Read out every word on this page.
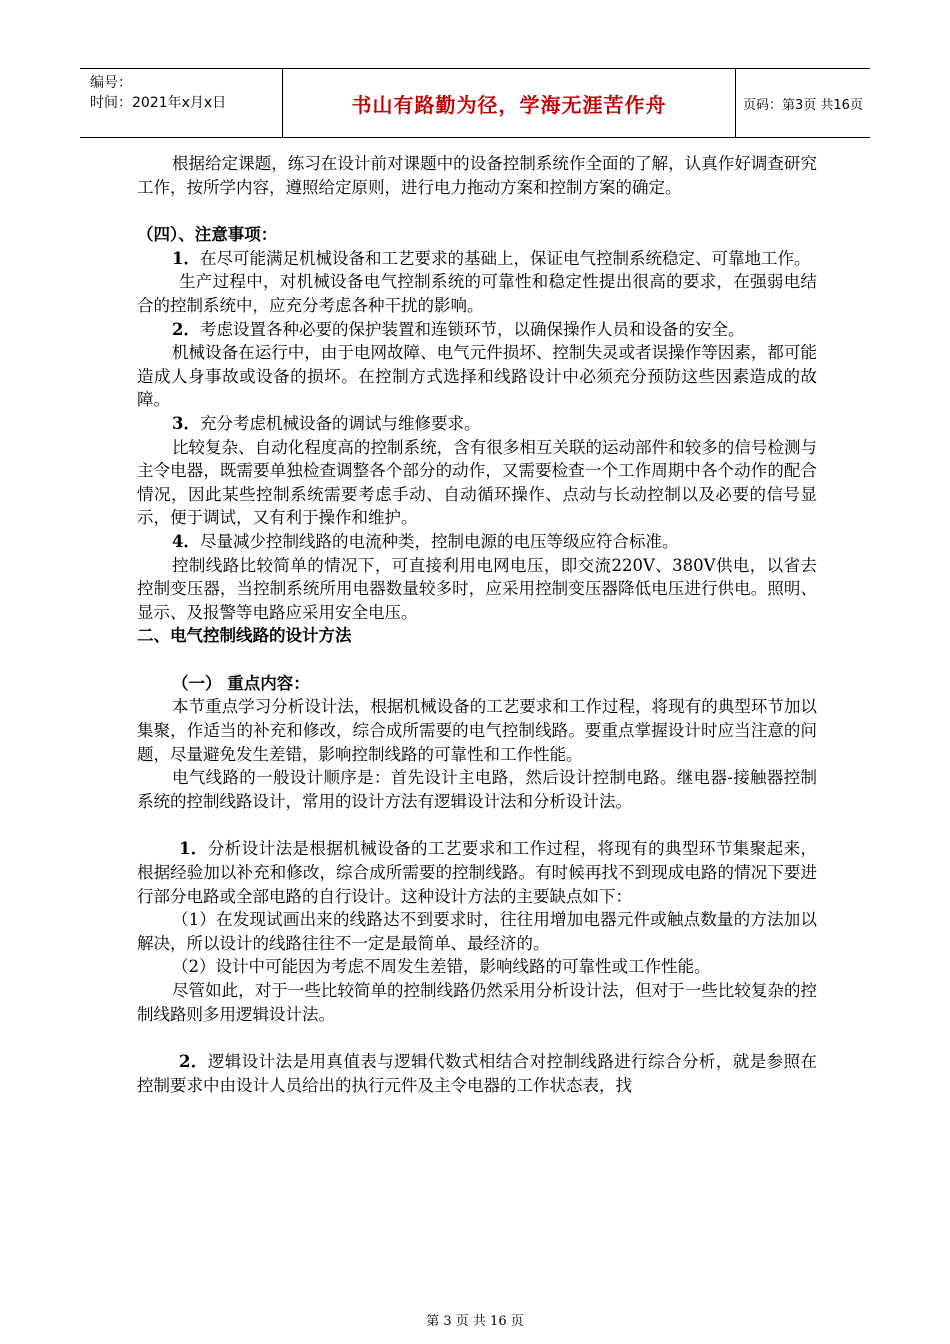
编号：
时间：2021年x月x日	书山有路勤为径，学海无涯苦作舟	页码：第3页 共16页

根据给定课题，练习在设计前对课题中的设备控制系统作全面的了解，认真作好调查研究工作，按所学内容，遵照给定原则，进行电力拖动方案和控制方案的确定。

（四）、注意事项：

1．在尽可能满足机械设备和工艺要求的基础上，保证电气控制系统稳定、可靠地工作。

生产过程中，对机械设备电气控制系统的可靠性和稳定性提出很高的要求，在强弱电结合的控制系统中，应充分考虑各种干扰的影响。

2．考虑设置各种必要的保护装置和连锁环节，以确保操作人员和设备的安全。

机械设备在运行中，由于电网故障、电气元件损坏、控制失灵或者误操作等因素，都可能造成人身事故或设备的损坏。在控制方式选择和线路设计中必须充分预防这些因素造成的故障。

3．充分考虑机械设备的调试与维修要求。

比较复杂、自动化程度高的控制系统，含有很多相互关联的运动部件和较多的信号检测与主令电器，既需要单独检查调整各个部分的动作，又需要检查一个工作周期中各个动作的配合情况，因此某些控制系统需要考虑手动、自动循环操作、点动与长动控制以及必要的信号显示，便于调试，又有利于操作和维护。

4．尽量减少控制线路的电流种类，控制电源的电压等级应符合标准。

控制线路比较简单的情况下，可直接利用电网电压，即交流220V、380V供电，以省去控制变压器，当控制系统所用电器数量较多时，应采用控制变压器降低电压进行供电。照明、显示、及报警等电路应采用安全电压。

二、电气控制线路的设计方法

（一） 重点内容：

本节重点学习分析设计法，根据机械设备的工艺要求和工作过程，将现有的典型环节加以集聚，作适当的补充和修改，综合成所需要的电气控制线路。要重点掌握设计时应当注意的问题，尽量避免发生差错，影响控制线路的可靠性和工作性能。

电气线路的一般设计顺序是：首先设计主电路，然后设计控制电路。继电器-接触器控制系统的控制线路设计，常用的设计方法有逻辑设计法和分析设计法。

1．分析设计法是根据机械设备的工艺要求和工作过程，将现有的典型环节集聚起来，根据经验加以补充和修改，综合成所需要的控制线路。有时候再找不到现成电路的情况下要进行部分电路或全部电路的自行设计。这种设计方法的主要缺点如下：

（1）在发现试画出来的线路达不到要求时，往往用增加电器元件或触点数量的方法加以解决，所以设计的线路往往不一定是最简单、最经济的。

（2）设计中可能因为考虑不周发生差错，影响线路的可靠性或工作性能。

尽管如此，对于一些比较简单的控制线路仍然采用分析设计法，但对于一些比较复杂的控制线路则多用逻辑设计法。

2．逻辑设计法是用真值表与逻辑代数式相结合对控制线路进行综合分析，就是参照在控制要求中由设计人员给出的执行元件及主令电器的工作状态表，找

第 3 页 共 16 页
